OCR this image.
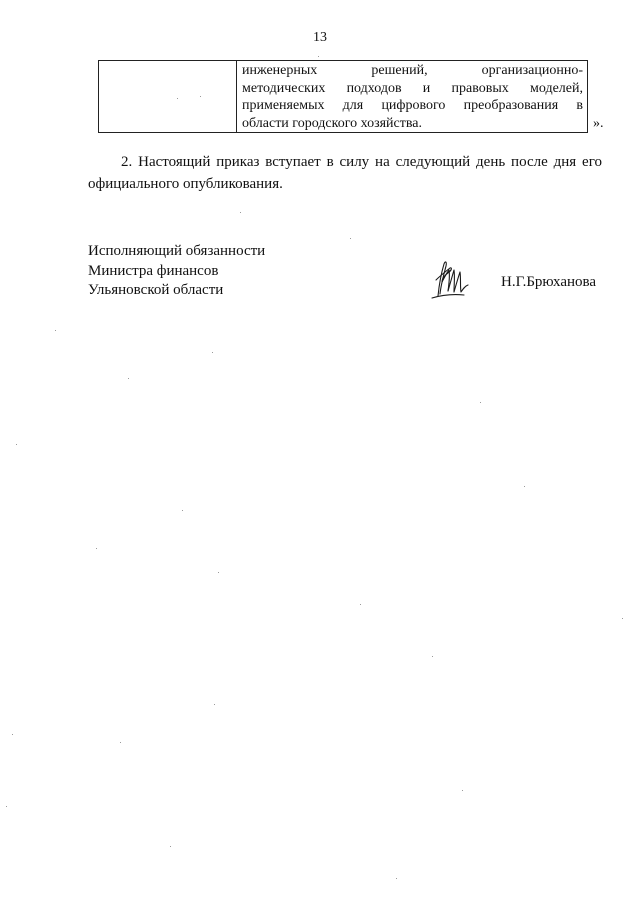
13

инженерных решений, организационно-
методических подходов и правовых моделей,
применяемых для цифрового преобразования в
области городского хозяйства.	».
2. Настоящий приказ вступает в силу на следующий день после дня его официального опубликования.
Исполняющий обязанности
Министра финансов
Ульяновской области	Н.Г.Брюханова
